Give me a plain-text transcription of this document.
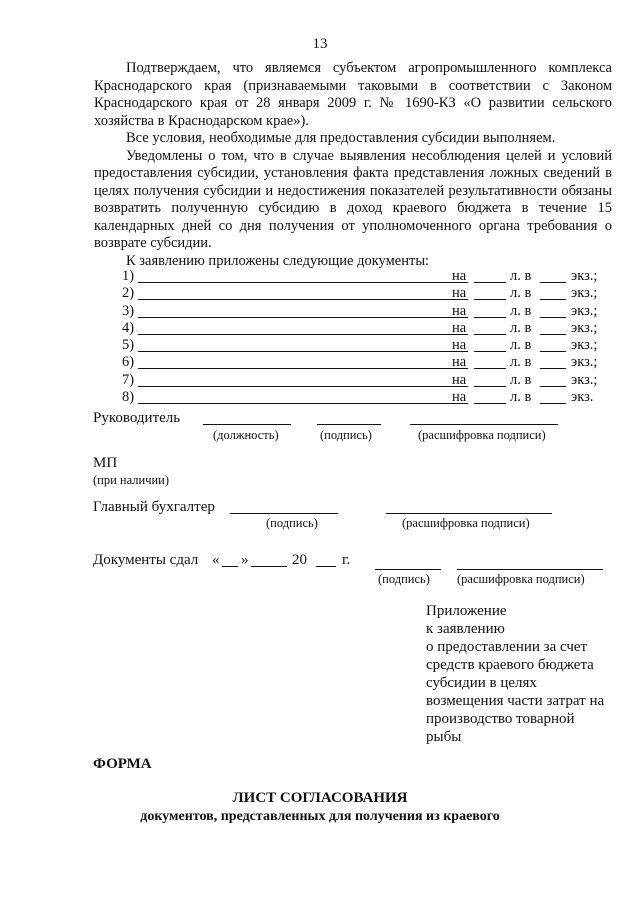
13

Подтверждаем, что являемся субъектом агропромышленного комплекса Краснодарского края (признаваемыми таковыми в соответствии с Законом Краснодарского края от 28 января 2009 г. № 1690-КЗ «О развитии сельского хозяйства в Краснодарском крае»).

Все условия, необходимые для предоставления субсидии выполняем.

Уведомлены о том, что в случае выявления несоблюдения целей и условий предоставления субсидии, установления факта представления ложных сведений в целях получения субсидии и недостижения показателей результативности обязаны возвратить полученную субсидию в доход краевого бюджета в течение 15 календарных дней со дня получения от уполномоченного органа требования о возврате субсидии.

К заявлению приложены следующие документы:
1)	на	л. в	экз.;
2)	на	л. в	экз.;
3)	на	л. в	экз.;
4)	на	л. в	экз.;
5)	на	л. в	экз.;
6)	на	л. в	экз.;
7)	на	л. в	экз.;
8)	на	л. в	экз.
Руководитель
(должность)	(подпись)	(расшифровка подписи)
МП
(при наличии)
Главный бухгалтер
(подпись)	(расшифровка подписи)
Документы сдал « »	20 г.
(подпись) (расшифровка подписи)
Приложение
к заявлению
о предоставлении за счет
средств краевого бюджета
субсидии в целях
возмещения части затрат на
производство товарной
рыбы
ФОРМА
ЛИСТ СОГЛАСОВАНИЯ
документов, представленных для получения из краевого
